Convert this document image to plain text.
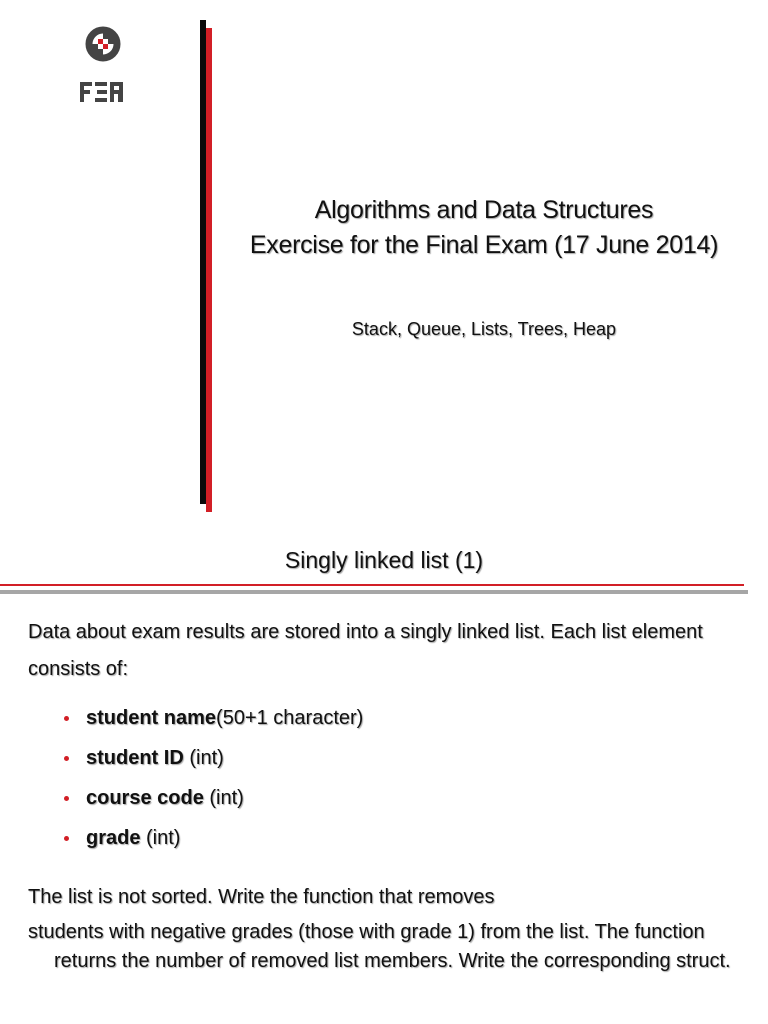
Algorithms and Data Structures
Exercise for the Final Exam (17 June 2014)
Stack, Queue, Lists, Trees, Heap
Singly linked list (1)
Data about exam results are stored into a singly linked list. Each list element consists of:
student name(50+1 character)
student ID (int)
course code (int)
grade (int)
The list is not sorted. Write the function that removes
students with negative grades (those with grade 1) from the list. The function returns the number of removed list members. Write the corresponding struct.
